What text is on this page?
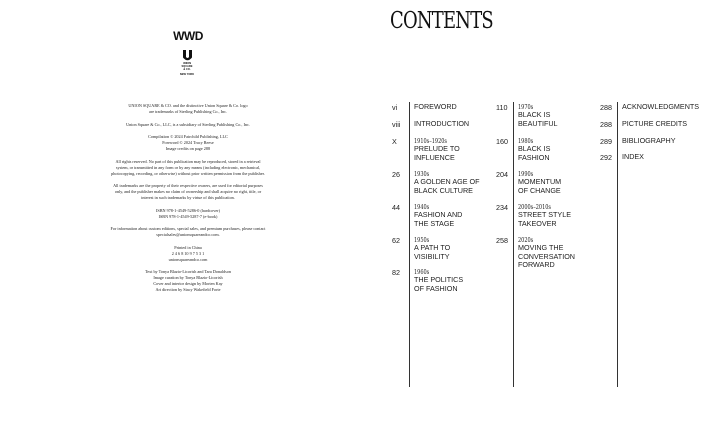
WWD
UNION
SQUARE
& CO.
NEW YORK

UNION SQUARE & CO. and the distinctive Union Square & Co. logo
are trademarks of Sterling Publishing Co., Inc.

Union Square & Co., LLC, is a subsidiary of Sterling Publishing Co., Inc.

Compilation © 2024 Fairchild Publishing, LLC
Foreword © 2024 Tracy Reese
Image credits on page 288

All rights reserved. No part of this publication may be reproduced, stored in a retrieval
system, or transmitted in any form or by any means (including electronic, mechanical,
photocopying, recording, or otherwise) without prior written permission from the publisher.

All trademarks are the property of their respective owners, are used for editorial purposes
only, and the publisher makes no claim of ownership and shall acquire no right, title, or
interest in such trademarks by virtue of this publication.

ISBN 978-1-4549-5286-0 (hardcover)
ISBN 978-1-4549-5287-7 (e-book)

For information about custom editions, special sales, and premium purchases, please contact
specialsales@unionsquareandco.com.

Printed in China
2 4 6 8 10 9 7 5 3 1
unionsquareandco.com

Text by Tonya Blazio-Licorish and Tara Donaldson
Image curation by Tonya Blazio-Licorish
Cover and interior design by Morten Kay
Art direction by Stacy Wakefield Forte

CONTENTS
vi FOREWORD
viii INTRODUCTION
X	1910s–1920s
PRELUDE TO
INFLUENCE
26 1930s
A GOLDEN AGE OF
BLACK CULTURE
44 1940s
FASHION AND
THE STAGE
62 1950s
A PATH TO
VISIBILITY
82 1960s
THE POLITICS
OF FASHION
110 1970s
BLACK IS
BEAUTIFUL
160 1980s
BLACK IS
FASHION
204 1990s
MOMENTUM
OF CHANGE
234 2000s–2010s
STREET STYLE
TAKEOVER
258 2020s
MOVING THE
CONVERSATION
FORWARD
288 ACKNOWLEDGMENTS
288 PICTURE CREDITS
289 BIBLIOGRAPHY
292 INDEX
